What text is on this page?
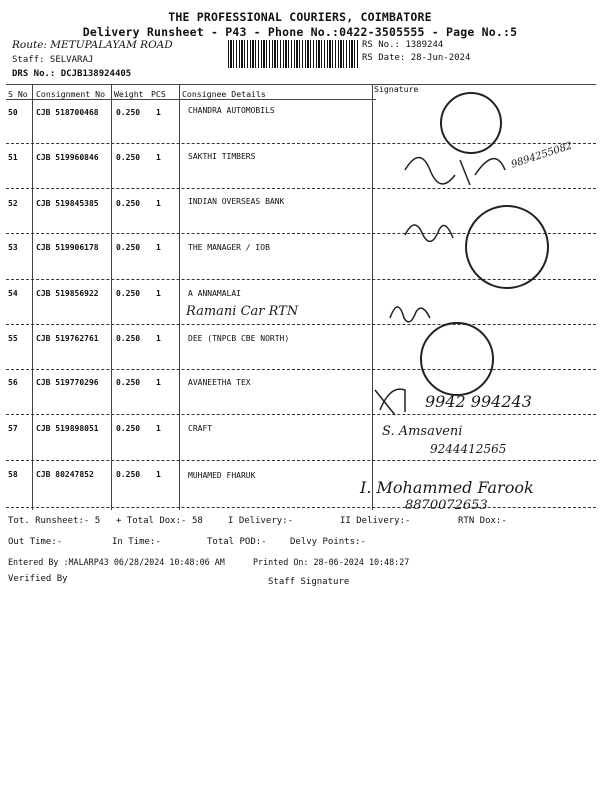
THE PROFESSIONAL COURIERS, COIMBATORE
Delivery Runsheet - P43 - Phone No.:0422-3505555 - Page No.:5
Route: METUPALAYAM ROAD
Staff: SELVARAJ
DRS No.: DCJB138924405
RS No.: 1389244
RS Date: 28-Jun-2024
S No Consignment No Weight PCS Consignee Details	Signature
50 CJB 518700468 0.250 1	CHANDRA AUTOMOBILS
51 CJB 519960846 0.250 1	SAKTHI TIMBERS
52 CJB 519845385 0.250 1	INDIAN OVERSEAS BANK
53 CJB 519906178 0.250 1	THE MANAGER / IOB
54 CJB 519856922 0.250 1	A ANNAMALAI
55 CJB 519762761 0.250 1	DEE (TNPCB CBE NORTH)
56 CJB 519770296 0.250 1	AVANEETHA TEX
57 CJB 519898051 0.250 1	CRAFT
58 CJB 80247852	0.250 1	MUHAMED FHARUK
9894255082
Ramani Car RTN
9942 994243
S. Amsaveni
9244412565
I. Mohammed Farook
8870072653
Tot. Runsheet:- 5 + Total Dox:- 58	I Delivery:-	II Delivery:-	RTN Dox:-
Out Time:-	In Time:-	Total POD:-	Delvy Points:-
Entered By :MALARP43 06/28/2024 10:48:06 AM	Printed On: 28-06-2024 10:48:27
Verified By	Staff Signature
